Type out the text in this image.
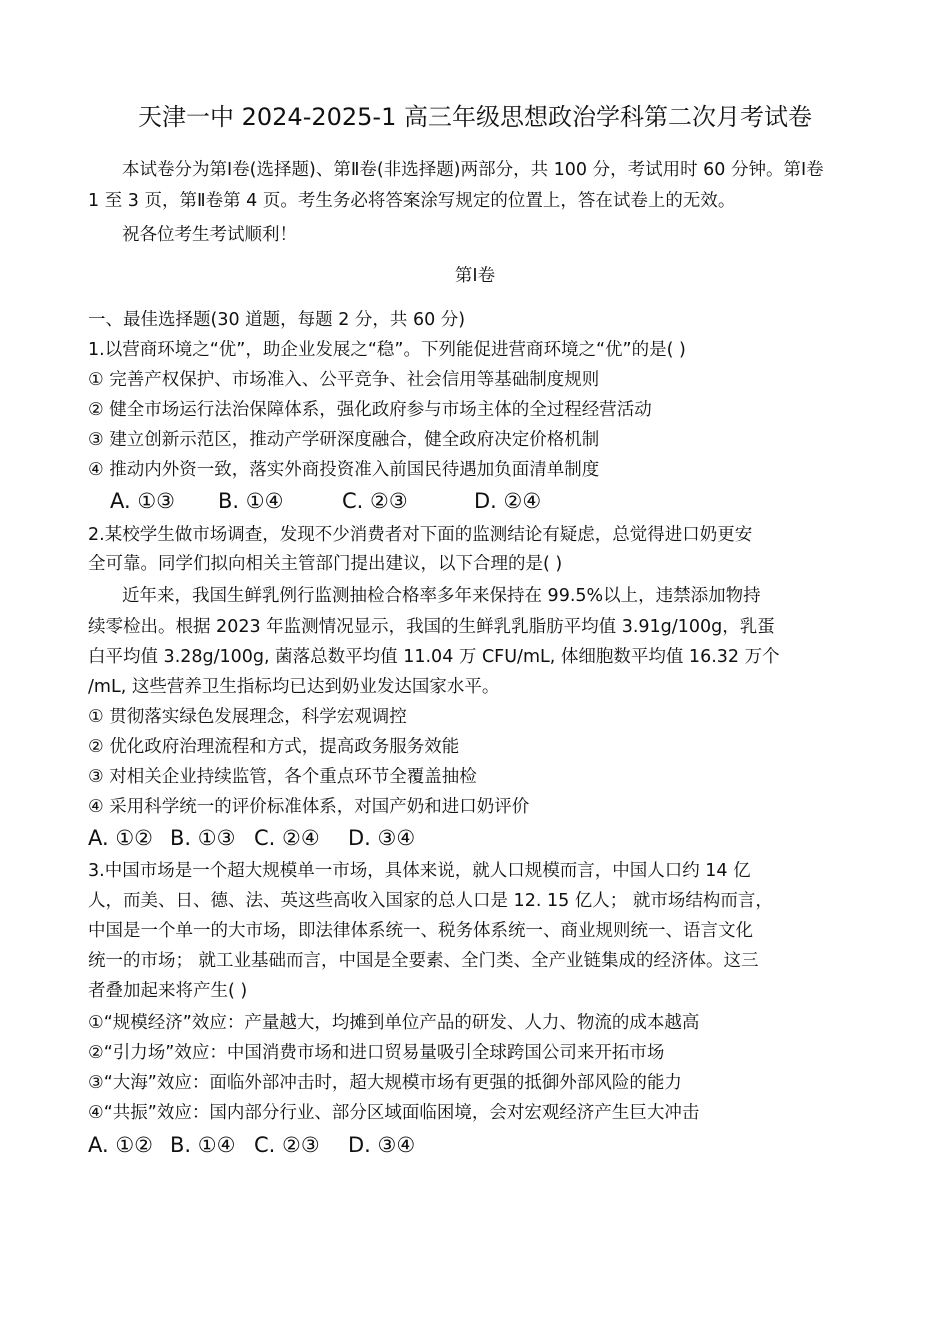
天津一中 2024-2025-1 高三年级思想政治学科第二次月考试卷
本试卷分为第Ⅰ卷(选择题)、第Ⅱ卷(非选择题)两部分，共 100 分，考试用时 60 分钟。第Ⅰ卷
1 至 3 页，第Ⅱ卷第 4 页。考生务必将答案涂写规定的位置上，答在试卷上的无效。
祝各位考生考试顺利！
第Ⅰ卷
一、最佳选择题(30 道题，每题 2 分，共 60 分)
1.以营商环境之“优”，助企业发展之“稳”。下列能促进营商环境之“优”的是( )
① 完善产权保护、市场准入、公平竞争、社会信用等基础制度规则
② 健全市场运行法治保障体系，强化政府参与市场主体的全过程经营活动
③ 建立创新示范区，推动产学研深度融合，健全政府决定价格机制
④ 推动内外资一致，落实外商投资准入前国民待遇加负面清单制度
A. ①③ B. ①④	C. ②③	D. ②④
2.某校学生做市场调查，发现不少消费者对下面的监测结论有疑虑，总觉得进口奶更安
全可靠。同学们拟向相关主管部门提出建议，以下合理的是( )
近年来，我国生鲜乳例行监测抽检合格率多年来保持在 99.5%以上，违禁添加物持
续零检出。根据 2023 年监测情况显示，我国的生鲜乳乳脂肪平均值 3.91g/100g，乳蛋
白平均值 3.28g/100g, 菌落总数平均值 11.04 万 CFU/mL, 体细胞数平均值 16.32 万个
/mL, 这些营养卫生指标均已达到奶业发达国家水平。
① 贯彻落实绿色发展理念，科学宏观调控
② 优化政府治理流程和方式，提高政务服务效能
③ 对相关企业持续监管，各个重点环节全覆盖抽检
④ 采用科学统一的评价标准体系，对国产奶和进口奶评价
A. ①② B. ①③ C. ②④ D. ③④
3.中国市场是一个超大规模单一市场，具体来说，就人口规模而言，中国人口约 14 亿
人，而美、日、德、法、英这些高收入国家的总人口是 12. 15 亿人； 就市场结构而言，
中国是一个单一的大市场，即法律体系统一、税务体系统一、商业规则统一、语言文化
统一的市场； 就工业基础而言，中国是全要素、全门类、全产业链集成的经济体。这三
者叠加起来将产生( )
①“规模经济”效应：产量越大，均摊到单位产品的研发、人力、物流的成本越高
②“引力场”效应：中国消费市场和进口贸易量吸引全球跨国公司来开拓市场
③“大海”效应：面临外部冲击时，超大规模市场有更强的抵御外部风险的能力
④“共振”效应：国内部分行业、部分区域面临困境，会对宏观经济产生巨大冲击
A. ①② B. ①④ C. ②③ D. ③④
